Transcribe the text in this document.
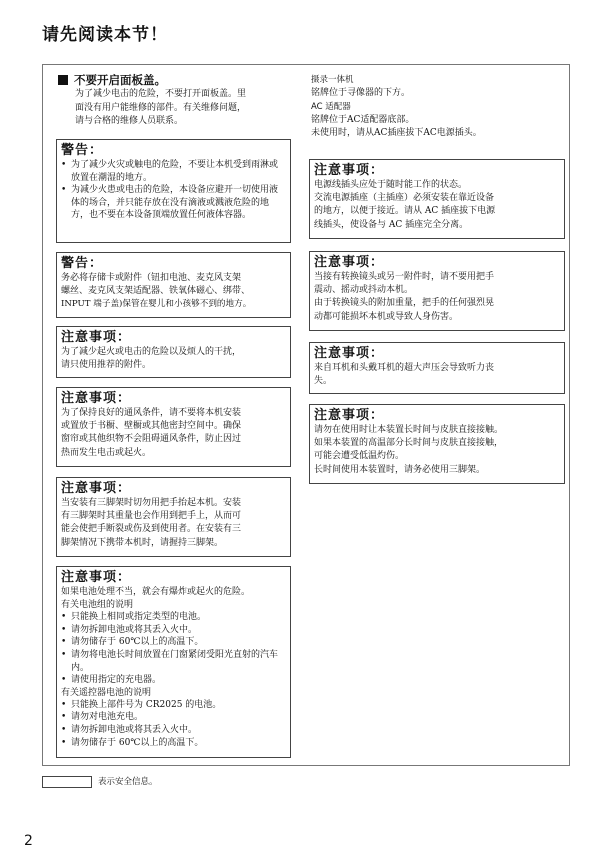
请先阅读本节！
不要开启面板盖。
为了减少电击的危险，不要打开面板盖。里
面没有用户能维修的部件。有关维修问题，
请与合格的维修人员联系。
警告：
• 为了减少火灾或触电的危险，不要让本机受到雨淋或放置在潮湿的地方。
• 为减少火患或电击的危险，本设备应避开一切使用液体的场合，并只能存放在没有滴液或溅液危险的地方，也不要在本设备顶端放置任何液体容器。
警告：
务必将存储卡或附件（钮扣电池、麦克风支架
螺丝、麦克风支架适配器、铁氧体磁心、绑带、
INPUT 端子盖)保管在婴儿和小孩够不到的地方。
注意事项：
为了减少起火或电击的危险以及烦人的干扰，
请只使用推荐的附件。
注意事项：
为了保持良好的通风条件，请不要将本机安装
或置放于书橱、壁橱或其他密封空间中。确保
窗帘或其他织物不会阻碍通风条件，防止因过
热而发生电击或起火。
注意事项：
当安装有三脚架时切勿用把手抬起本机。安装
有三脚架时其重量也会作用到把手上，从而可
能会使把手断裂或伤及到使用者。在安装有三
脚架情况下携带本机时，请握持三脚架。
注意事项：
如果电池处理不当，就会有爆炸或起火的危险。
有关电池组的说明
• 只能换上相同或指定类型的电池。
• 请勿拆卸电池或将其丢入火中。
• 请勿储存于 60℃以上的高温下。
• 请勿将电池长时间放置在门窗紧闭受阳光直射的汽车内。
• 请使用指定的充电器。
有关遥控器电池的说明
• 只能换上部件号为 CR2025 的电池。
• 请勿对电池充电。
• 请勿拆卸电池或将其丢入火中。
• 请勿储存于 60℃以上的高温下。
摄录一体机
铭牌位于寻像器的下方。
AC 适配器
铭牌位于AC适配器底部。
未使用时，请从AC插座拔下AC电源插头。
注意事项：
电源线插头应处于随时能工作的状态。
交流电源插座（主插座）必须安装在靠近设备
的地方，以便于接近。请从 AC 插座拔下电源
线插头，使设备与 AC 插座完全分离。
注意事项：
当接有转换镜头或另一附件时，请不要用把手
震动、摇动或抖动本机。
由于转换镜头的附加重量，把手的任何强烈晃
动都可能损坏本机或导致人身伤害。
注意事项：
来自耳机和头戴耳机的超大声压会导致听力丧
失。
注意事项：
请勿在使用时让本装置长时间与皮肤直接接触。
如果本装置的高温部分长时间与皮肤直接接触，
可能会遭受低温灼伤。
长时间使用本装置时，请务必使用三脚架。
表示安全信息。
2
